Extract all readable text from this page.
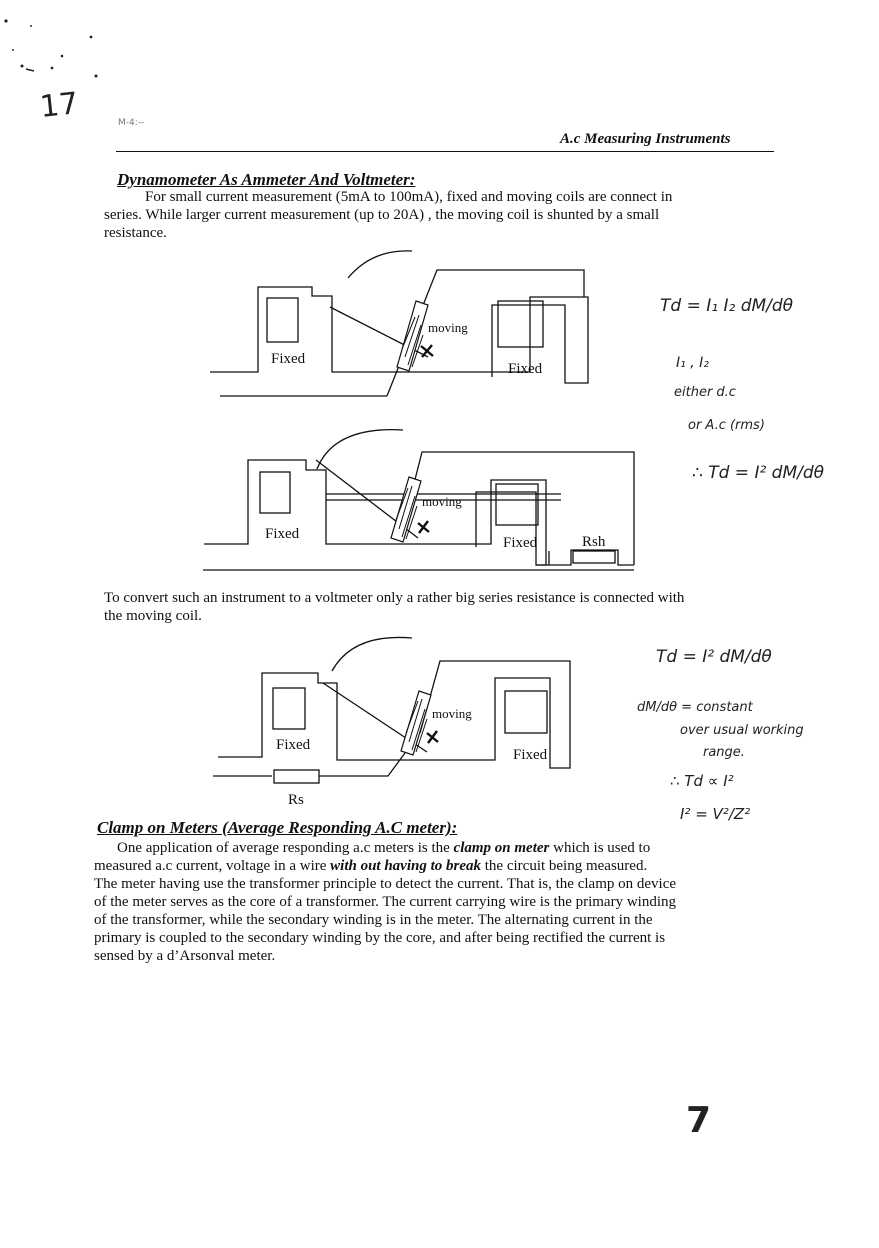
17	M-4:--
A.c Measuring Instruments
Dynamometer As Ammeter And Voltmeter:
For small current measurement (5mA to 100mA), fixed and moving coils are connect in
series. While larger current measurement (up to 20A) , the moving coil is shunted by a small
resistance.
Fixed
Fixed
moving
Fixed
Fixed
moving
Rsh
To convert such an instrument to a voltmeter only a rather big series resistance is connected with
the moving coil.
Fixed
Fixed
moving
Rs
Td = I₁ I₂ dM/dθ
I₁ , I₂
either d.c
or A.c (rms)
∴ Td = I² dM/dθ
Td = I² dM/dθ
dM/dθ = constant
over usual working
range.
∴ Td ∝ I²
I² = V²/Z²
Clamp on Meters (Average Responding A.C meter):
One application of average responding a.c meters is the clamp on meter which is used to
measured a.c current, voltage in a wire with out having to break the circuit being measured.
The meter having use the transformer principle to detect the current. That is, the clamp on device
of the meter serves as the core of a transformer. The current carrying wire is the primary winding
of the transformer, while the secondary winding is in the meter. The alternating current in the
primary is coupled to the secondary winding by the core, and after being rectified the current is
sensed by a d’Arsonval meter.
7
